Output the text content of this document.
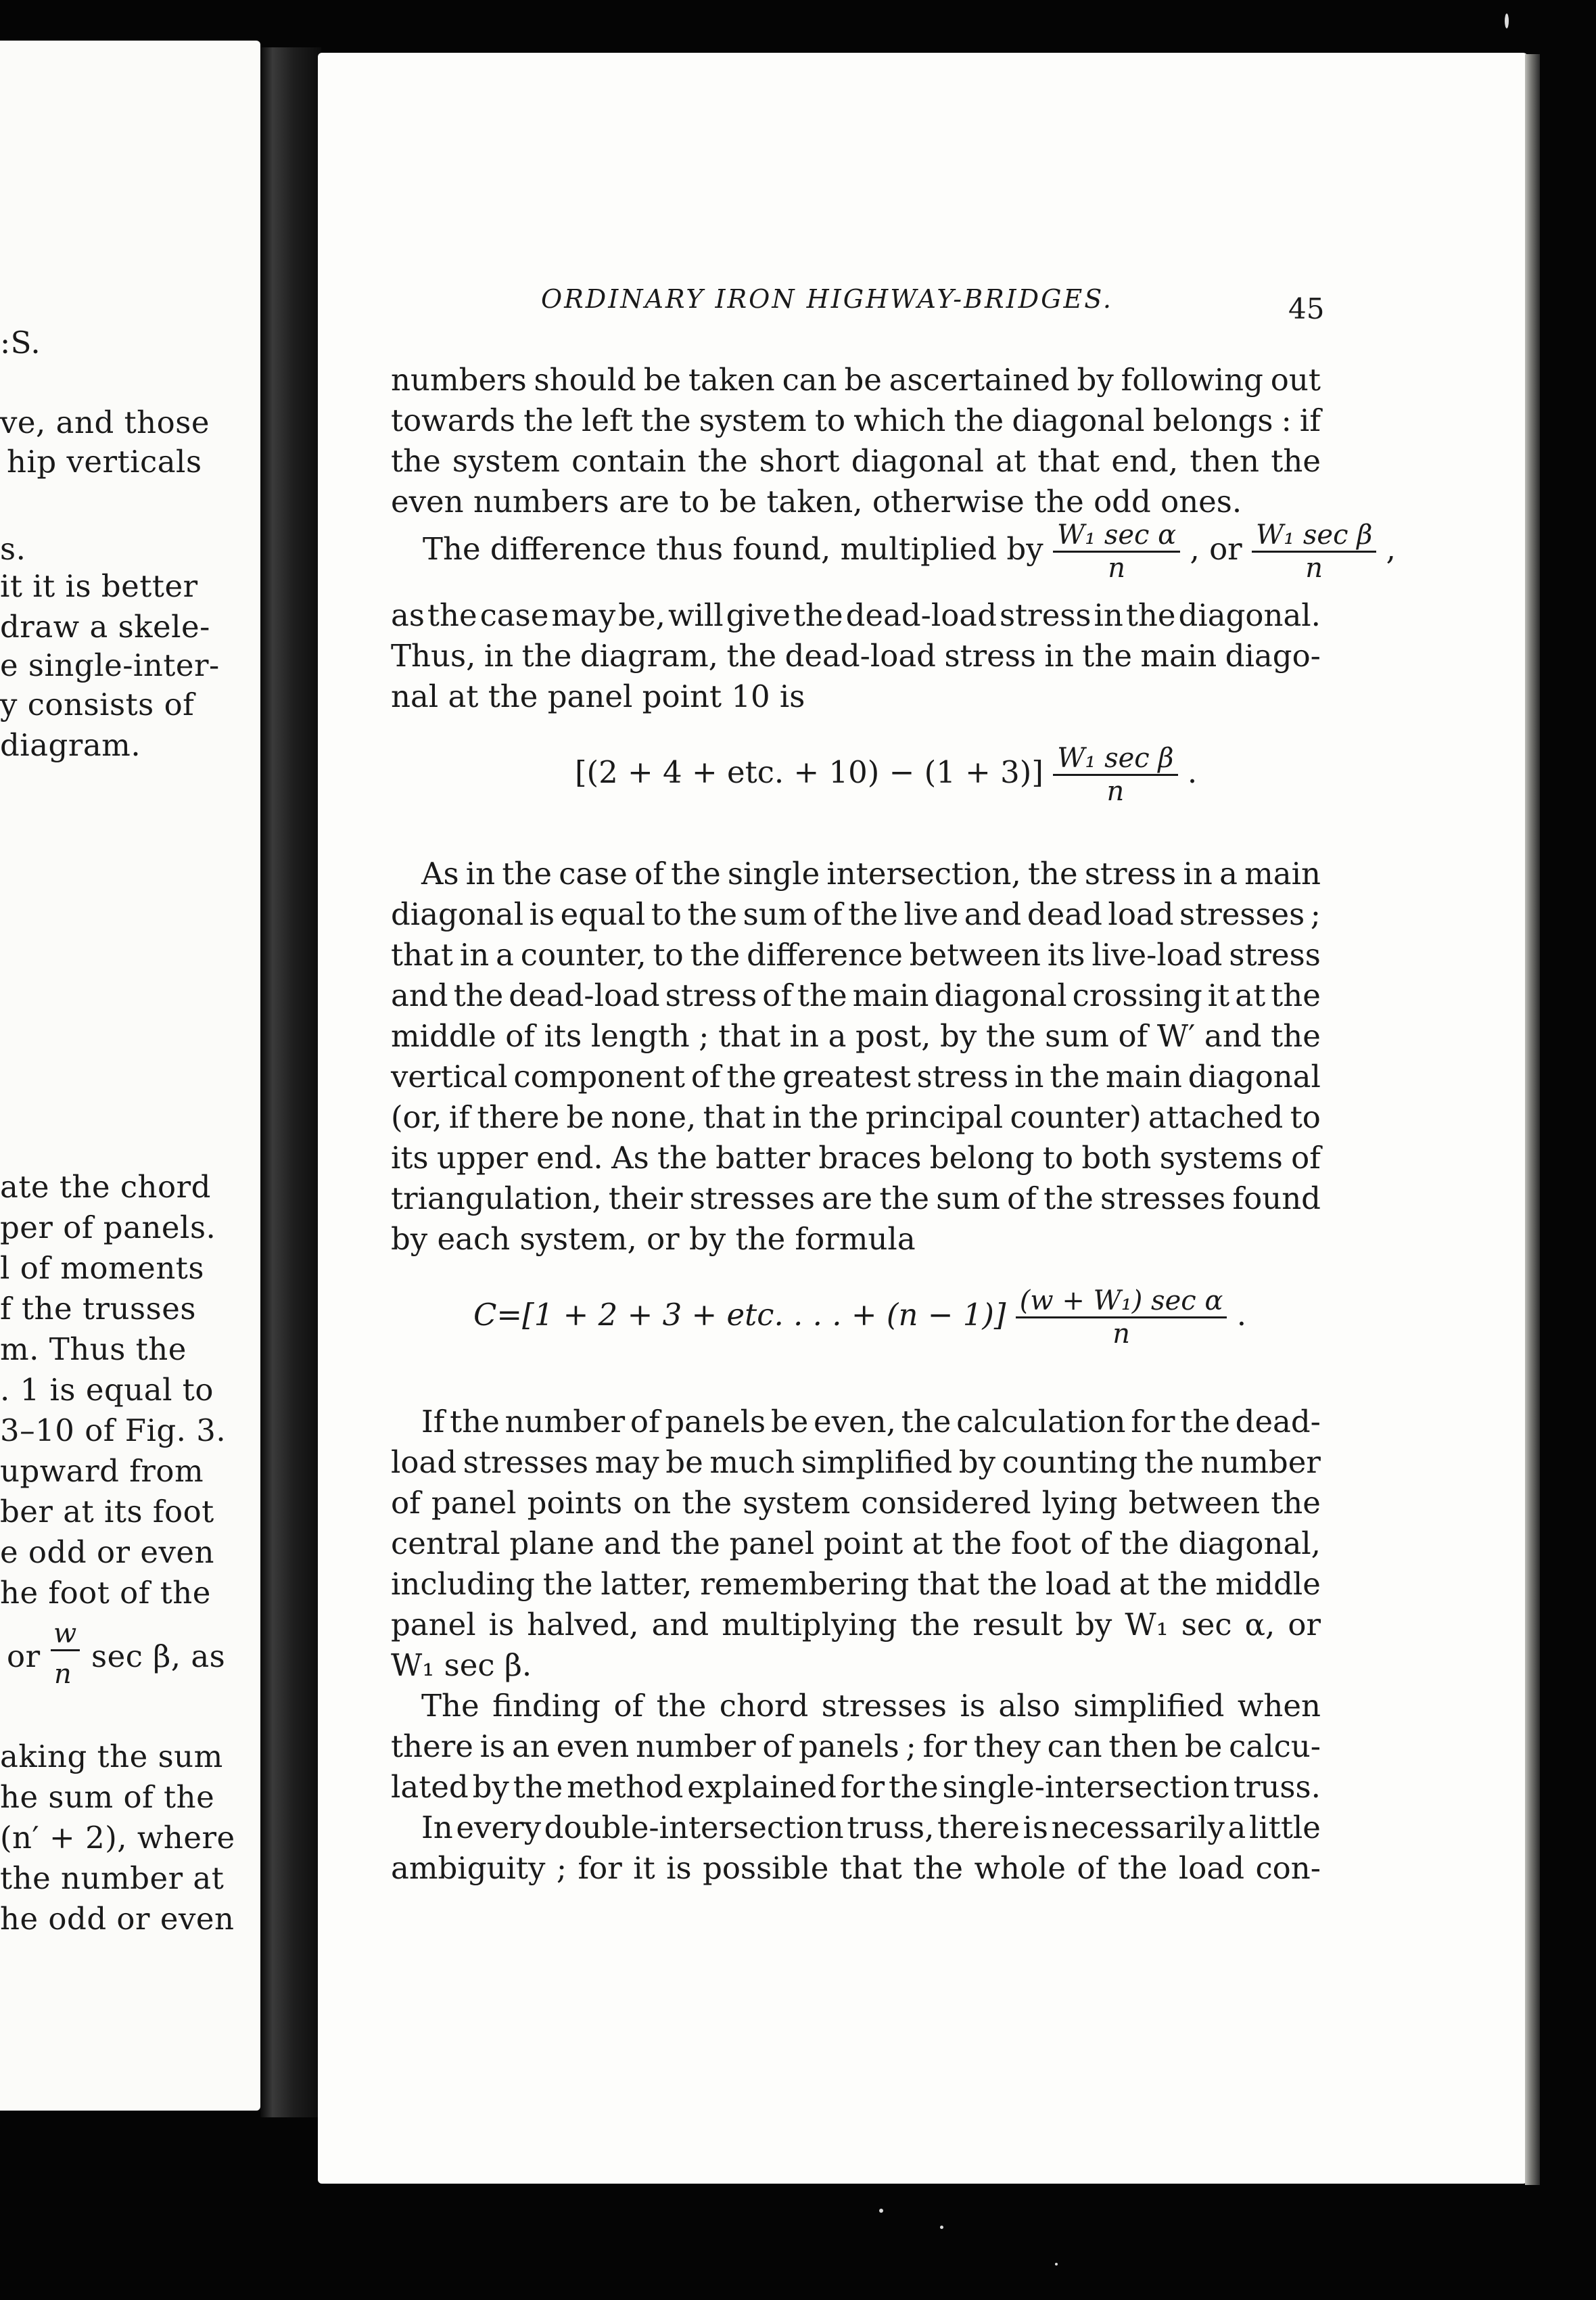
:S.
ve, and those
hip verticals
s.
it it is better
draw a skele-
e single-inter-
y consists of
diagram.
ate the chord
per of panels.
l of moments
f the trusses
m. Thus the
. 1 is equal to
3–10 of Fig. 3.
upward from
ber at its foot
e odd or even
he foot of the
or
w
n sec β, as
aking the sum
he sum of the
(n′ + 2), where
the number at
he odd or even
ORDINARY IRON HIGHWAY-BRIDGES.	45
numbers should be taken can be ascertained by following out
towards the left the system to which the diagonal belongs : if
the system contain the short diagonal at that end, then the
even numbers are to be taken, otherwise the odd ones.
The difference thus found, multiplied by $\frac{\text{W₁ sec α}}{n}$ , or $\frac{\text{W₁ sec β}}{n}$ ,
as the case may be, will give the dead-load stress in the diagonal.
Thus, in the diagram, the dead-load stress in the main diago-
nal at the panel point 10 is
[(2 + 4 + etc. + $10) - (1 + 3)] \frac{\text{W₁ sec β}}{n}$ .
As in the case of the single intersection, the stress in a main
diagonal is equal to the sum of the live and dead load stresses ;
that in a counter, to the difference between its live-load stress
and the dead-load stress of the main diagonal crossing it at the
middle of its length ; that in a post, by the sum of W′ and the
vertical component of the greatest stress in the main diagonal
(or, if there be none, that in the principal counter) attached to
its upper end. As the batter braces belong to both systems of
triangulation, their stresses are the sum of the stresses found
by each system, or by the formula
C=[1 + 2 + 3 + etc. . . . + $(n - 1)] \frac{\text{(w + W₁) sec α}}{n}$ .
If the number of panels be even, the calculation for the dead-
load stresses may be much simplified by counting the number
of panel points on the system considered lying between the
central plane and the panel point at the foot of the diagonal,
including the latter, remembering that the load at the middle
panel is halved, and multiplying the result by W₁ sec α, or
W₁ sec β.
The finding of the chord stresses is also simplified when
there is an even number of panels ; for they can then be calcu-
lated by the method explained for the single-intersection truss.
In every double-intersection truss, there is necessarily a little
ambiguity ; for it is possible that the whole of the load con-
